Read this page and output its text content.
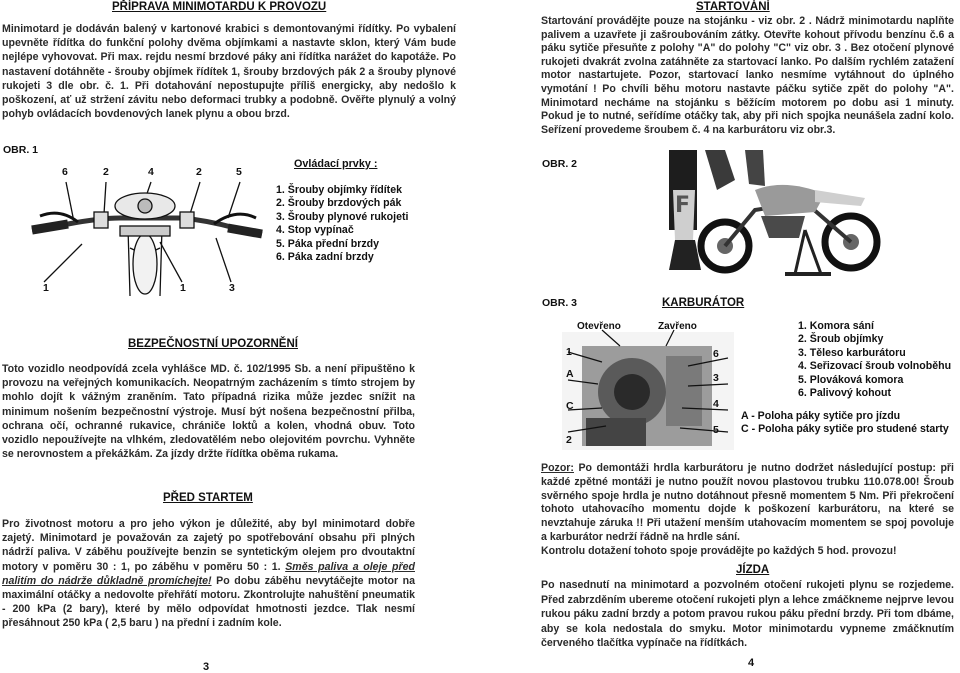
PŘÍPRAVA MINIMOTARDU K PROVOZU
Minimotard je dodáván balený v kartonové krabici s demontovanými řídítky. Po vybalení upevněte řídítka do funkční polohy dvěma objímkami a nastavte sklon, který Vám bude nejlépe vyhovovat. Při max. rejdu nesmí brzdové páky ani řídítka narážet do kapotáže. Po nastavení dotáhněte - šrouby objímek řídítek 1, šrouby brzdových pák 2 a šrouby plynové rukojeti 3 dle obr. č. 1. Při dotahování nepostupujte příliš energicky, aby nedošlo k poškození, ať už stržení závitu nebo deformaci trubky a podobně. Ověřte plynulý a volný pohyb ovládacích bovdenových lanek plynu a obou brzd.
OBR. 1
6	2	4	2	5
1	1	3
Ovládací prvky :
1. Šrouby objímky řídítek
2. Šrouby brzdových pák
3. Šrouby plynové rukojeti
4. Stop vypínač
5. Páka přední brzdy
6. Páka zadní brzdy
BEZPEČNOSTNÍ UPOZORNĚNÍ
Toto vozidlo neodpovídá zcela vyhlášce MD. č. 102/1995 Sb. a není připuštěno k provozu na veřejných komunikacích. Neopatrným zacházením s tímto strojem by mohlo dojít k vážným zraněním. Tato případná rizika může jezdec snížit na minimum nošením bezpečnostní výstroje. Musí být nošena bezpečnostní přilba, ochrana očí, ochranné rukavice, chrániče loktů a kolen, vhodná obuv. Toto vozidlo nepoužívejte na vlhkém, zledovatělém nebo olejovitém povrchu. Vyhněte se nerovnostem a překážkám. Za jízdy držte řídítka oběma rukama.
PŘED STARTEM
Pro životnost motoru a pro jeho výkon je důležité, aby byl minimotard dobře zajetý. Minimotard je považován za zajetý po spotřebování obsahu při plných nádrží paliva. V záběhu používejte benzin se syntetickým olejem pro dvoutaktní motory v poměru 30 : 1, po záběhu v poměru 50 : 1. Směs paliva a oleje před nalitím do nádrže důkladně promíchejte! Po dobu záběhu nevytáčejte motor na maximální otáčky a nedovolte přehřátí motoru. Zkontrolujte nahuštění pneumatik - 200 kPa (2 bary), které by mělo odpovídat hmotnosti jezdce. Tlak nesmí přesáhnout 250 kPa ( 2,5 baru ) na přední i zadním kole.
3
STARTOVÁNÍ
Startování provádějte pouze na stojánku - viz obr. 2 . Nádrž minimotardu naplňte palivem a uzavřete ji zašroubováním zátky. Otevřte kohout přívodu benzínu č.6 a páku sytiče přesuňte z polohy "A" do polohy "C" viz obr. 3 . Bez otočení plynové rukojeti dvakrát zvolna zatáhněte za startovací lanko. Po dalším rychlém zatažení motor nastartujete. Pozor, startovací lanko nesmíme vytáhnout do úplného vymotání ! Po chvíli běhu motoru nastavte páčku sytiče zpět do polohy "A". Minimotard necháme na stojánku s běžícím motorem po dobu asi 1 minuty. Pokud je to nutné, seřídíme otáčky tak, aby při nich spojka neunášela zadní kolo. Seřízení provedeme šroubem č. 4 na karburátoru viz obr.3.
OBR. 2
F
OBR. 3	KARBURÁTOR
Otevřeno	Zavřeno
1
A
C
2
6
3
4
5
1. Komora sání
2. Šroub objímky
3. Těleso karburátoru
4. Seřizovací šroub volnoběhu
5. Plováková komora
6. Palivový kohout
A - Poloha páky sytiče pro jízdu
C - Poloha páky sytiče pro studené starty
Pozor: Po demontáži hrdla karburátoru je nutno dodržet následující postup: při každé zpětné montáži je nutno použít novou plastovou trubku 110.078.00! Šroub svěrného spoje hrdla je nutno dotáhnout přesně momentem 5 Nm. Při překročení tohoto utahovacího momentu dojde k poškození karburátoru, na které se nevztahuje záruka !! Při utažení menším utahovacím momentem se spoj povoluje a karburátor nedrží řádně na hrdle sání.
Kontrolu dotažení tohoto spoje provádějte po každých 5 hod. provozu!
JÍZDA
Po nasednutí na minimotard a pozvolném otočení rukojeti plynu se rozjedeme. Před zabrzděním ubereme otočení rukojeti plyn a lehce zmáčkneme nejprve levou rukou páku zadní brzdy a potom pravou rukou páku přední brzdy. Při tom dbáme, aby se kola nedostala do smyku. Motor minimotardu vypneme zmáčknutím červeného tlačítka vypínače na řídítkách.
4
